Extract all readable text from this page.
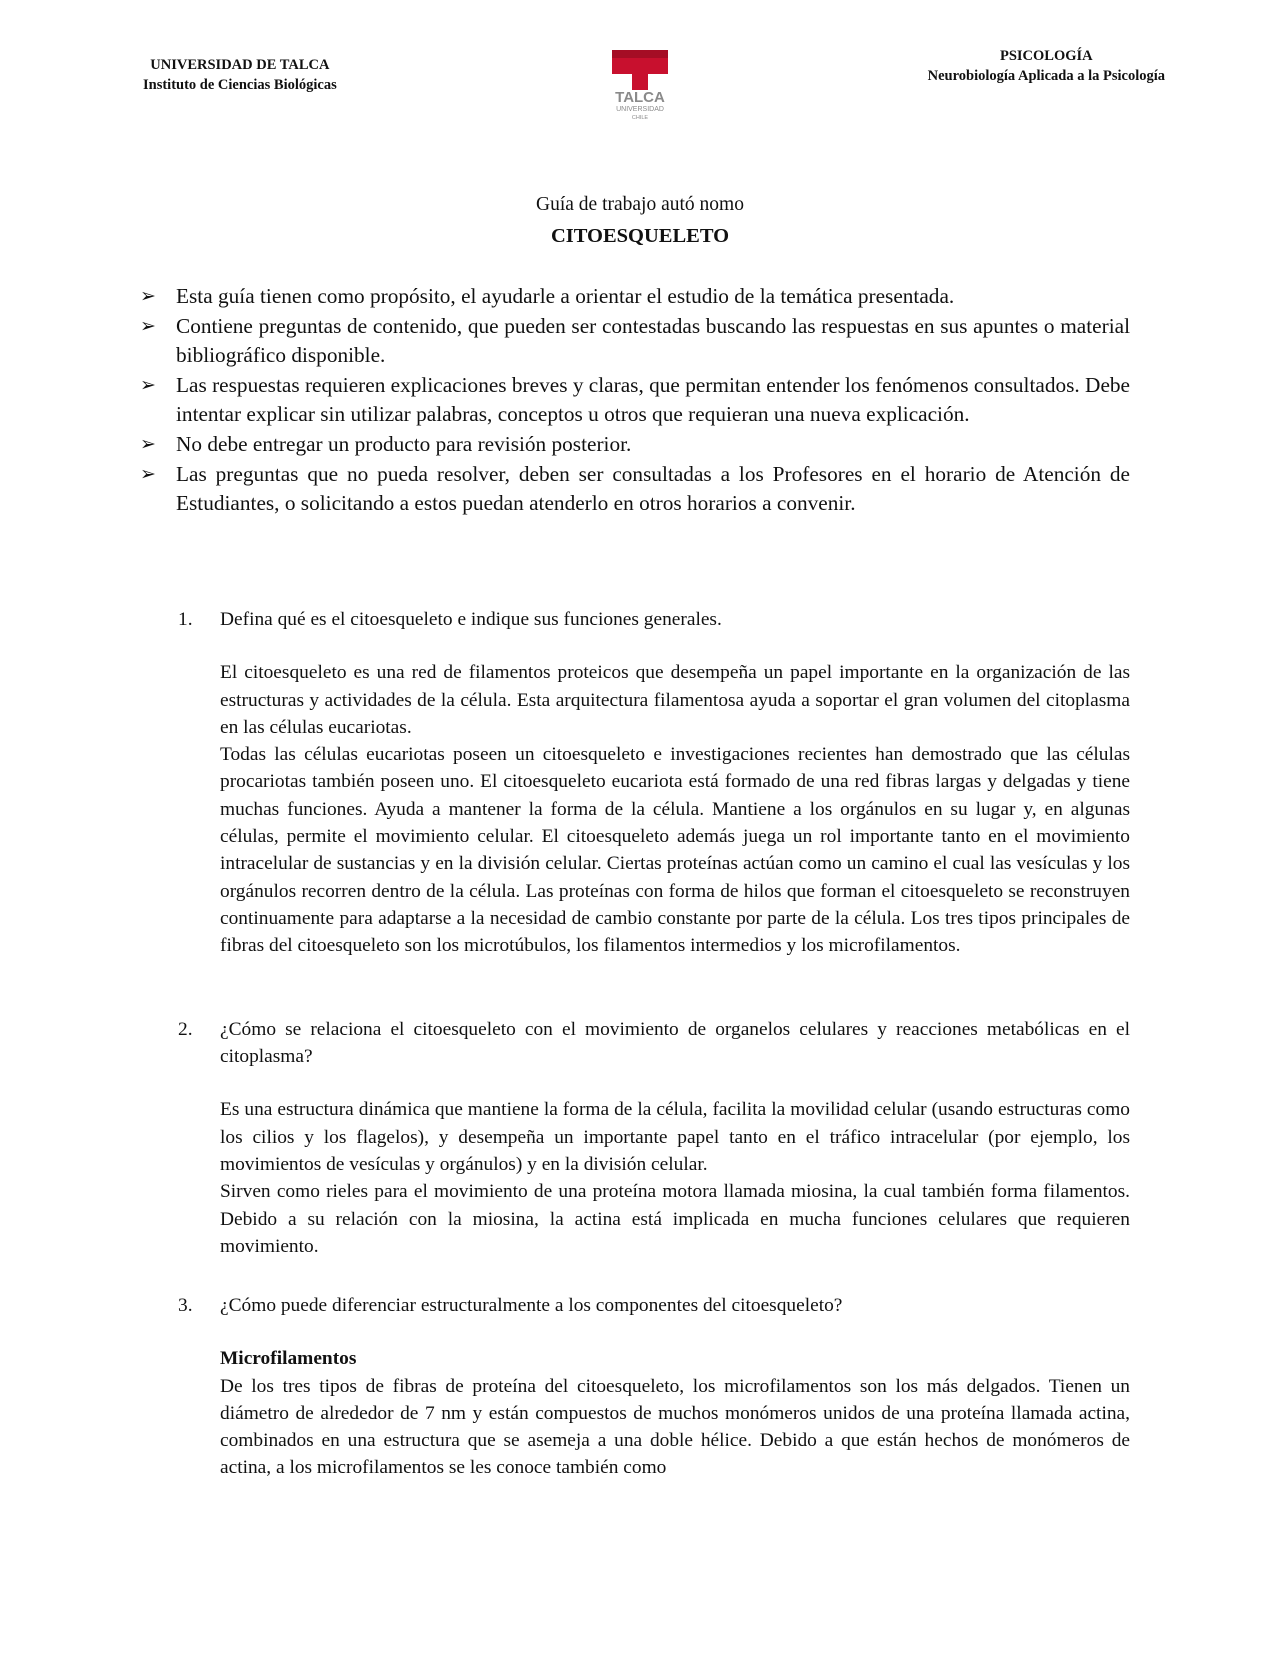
UNIVERSIDAD DE TALCA
Instituto de Ciencias Biológicas
TALCA
UNIVERSIDAD
CHILE
PSICOLOGÍA
Neurobiología Aplicada a la Psicología
Guía de trabajo autó nomo
CITOESQUELETO
➢ Esta guía tienen como propósito, el ayudarle a orientar el estudio de la temática presentada.
➢ Contiene preguntas de contenido, que pueden ser contestadas buscando las respuestas en sus apuntes o material bibliográfico disponible.
➢ Las respuestas requieren explicaciones breves y claras, que permitan entender los fenómenos consultados. Debe intentar explicar sin utilizar palabras, conceptos u otros que requieran una nueva explicación.
➢ No debe entregar un producto para revisión posterior.
➢ Las preguntas que no pueda resolver, deben ser consultadas a los Profesores en el horario de Atención de Estudiantes, o solicitando a estos puedan atenderlo en otros horarios a convenir.
1. Defina qué es el citoesqueleto e indique sus funciones generales.

El citoesqueleto es una red de filamentos proteicos que desempeña un papel importante en la organización de las estructuras y actividades de la célula. Esta arquitectura filamentosa ayuda a soportar el gran volumen del citoplasma en las células eucariotas.

Todas las células eucariotas poseen un citoesqueleto e investigaciones recientes han demostrado que las células procariotas también poseen uno. El citoesqueleto eucariota está formado de una red fibras largas y delgadas y tiene muchas funciones. Ayuda a mantener la forma de la célula. Mantiene a los orgánulos en su lugar y, en algunas células, permite el movimiento celular. El citoesqueleto además juega un rol importante tanto en el movimiento intracelular de sustancias y en la división celular. Ciertas proteínas actúan como un camino el cual las vesículas y los orgánulos recorren dentro de la célula. Las proteínas con forma de hilos que forman el citoesqueleto se reconstruyen continuamente para adaptarse a la necesidad de cambio constante por parte de la célula. Los tres tipos principales de fibras del citoesqueleto son los microtúbulos, los filamentos intermedios y los microfilamentos.

2. ¿Cómo se relaciona el citoesqueleto con el movimiento de organelos celulares y reacciones metabólicas en el citoplasma?

Es una estructura dinámica que mantiene la forma de la célula, facilita la movilidad celular (usando estructuras como los cilios y los flagelos), y desempeña un importante papel tanto en el tráfico intracelular (por ejemplo, los movimientos de vesículas y orgánulos) y en la división celular.

Sirven como rieles para el movimiento de una proteína motora llamada miosina, la cual también forma filamentos. Debido a su relación con la miosina, la actina está implicada en mucha funciones celulares que requieren movimiento.

3. ¿Cómo puede diferenciar estructuralmente a los componentes del citoesqueleto?

Microfilamentos

De los tres tipos de fibras de proteína del citoesqueleto, los microfilamentos son los más delgados. Tienen un diámetro de alrededor de 7 nm y están compuestos de muchos monómeros unidos de una proteína llamada actina, combinados en una estructura que se asemeja a una doble hélice. Debido a que están hechos de monómeros de actina, a los microfilamentos se les conoce también como
